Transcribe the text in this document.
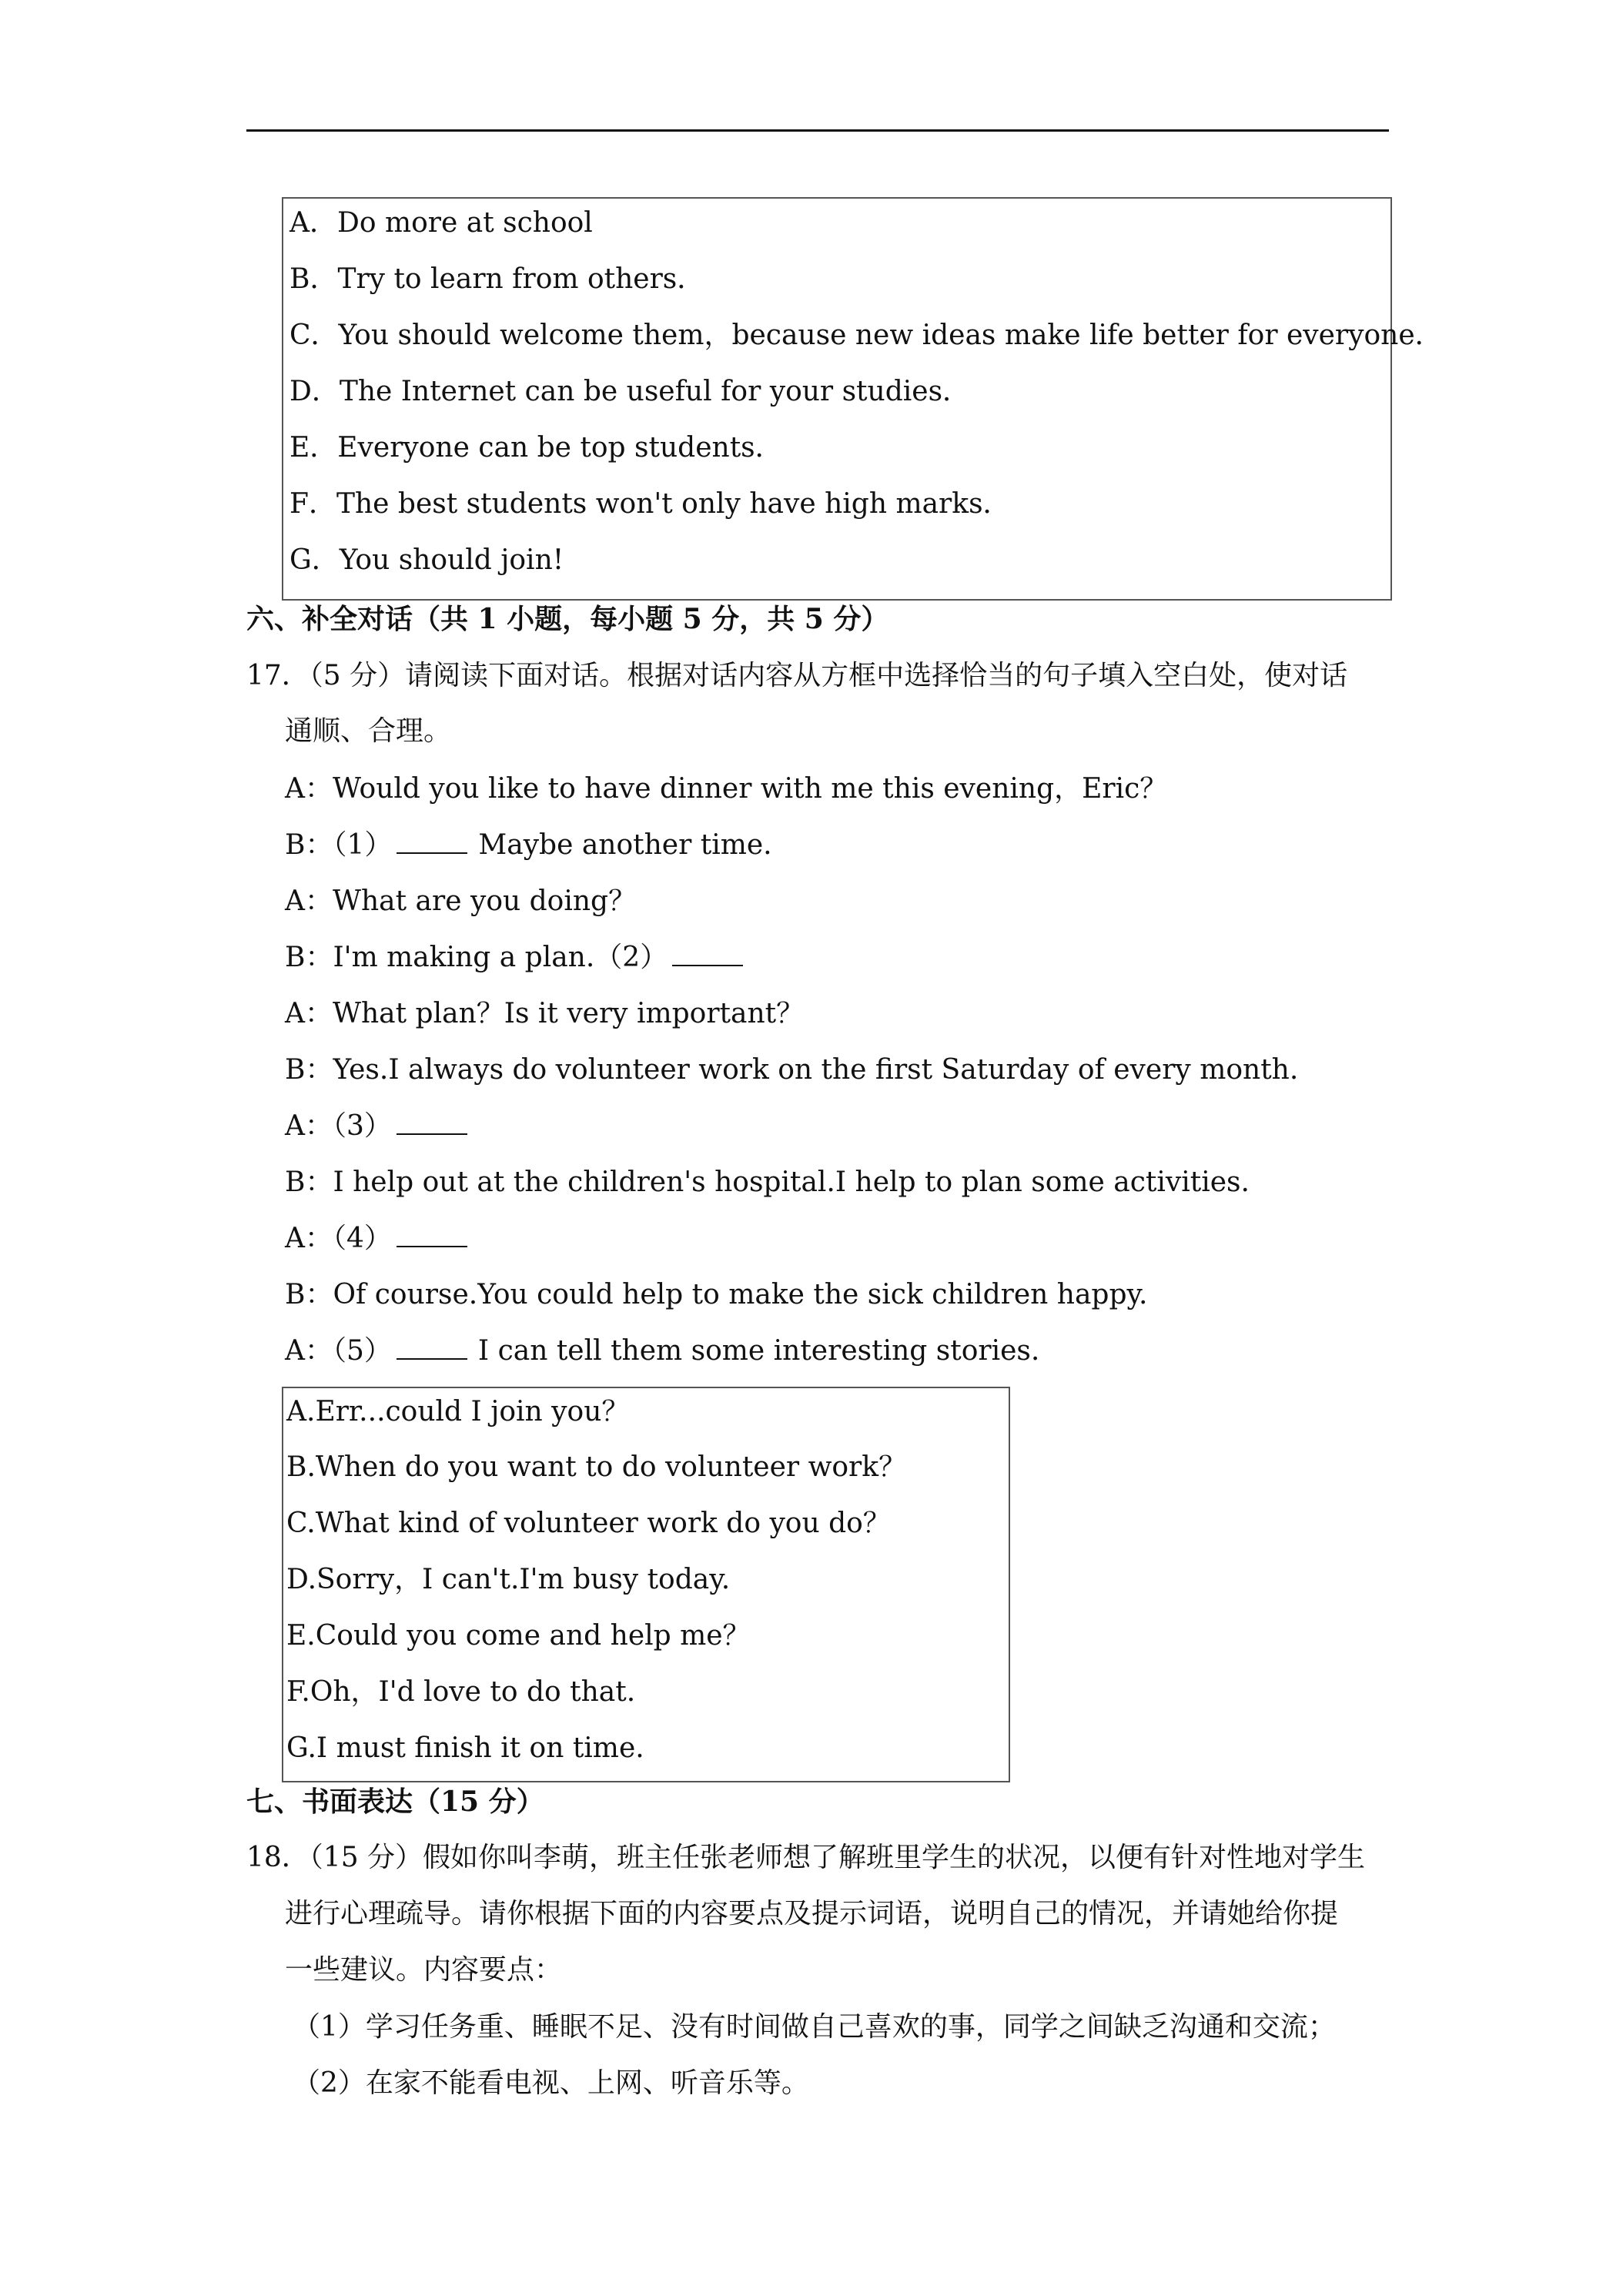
A．Do more at school
B．Try to learn from others．
C．You should welcome them，because new ideas make life better for everyone．
D．The Internet can be useful for your studies．
E．Everyone can be top students．
F．The best students won't only have high marks．
G．You should join!
六、补全对话（共 1 小题，每小题 5 分，共 5 分）
17．（5 分）请阅读下面对话。根据对话内容从方框中选择恰当的句子填入空白处，使对话
通顺、合理。
A：Would you like to have dinner with me this evening，Eric？
B：（1）	Maybe another time.
A：What are you doing？
B：I'm making a plan.（2）
A：What plan？Is it very important？
B：Yes.I always do volunteer work on the first Saturday of every month.
A：（3）
B：I help out at the children's hospital.I help to plan some activities.
A：（4）
B：Of course.You could help to make the sick children happy.
A：（5）	I can tell them some interesting stories.
A.Err...could I join you？
B.When do you want to do volunteer work？
C.What kind of volunteer work do you do？
D.Sorry，I can't.I'm busy today.
E.Could you come and help me？
F.Oh，I'd love to do that.
G.I must finish it on time.
七、书面表达（15 分）
18．（15 分）假如你叫李萌，班主任张老师想了解班里学生的状况，以便有针对性地对学生
进行心理疏导。请你根据下面的内容要点及提示词语，说明自己的情况，并请她给你提
一些建议。内容要点：
（1）学习任务重、睡眠不足、没有时间做自己喜欢的事，同学之间缺乏沟通和交流；
（2）在家不能看电视、上网、听音乐等。
